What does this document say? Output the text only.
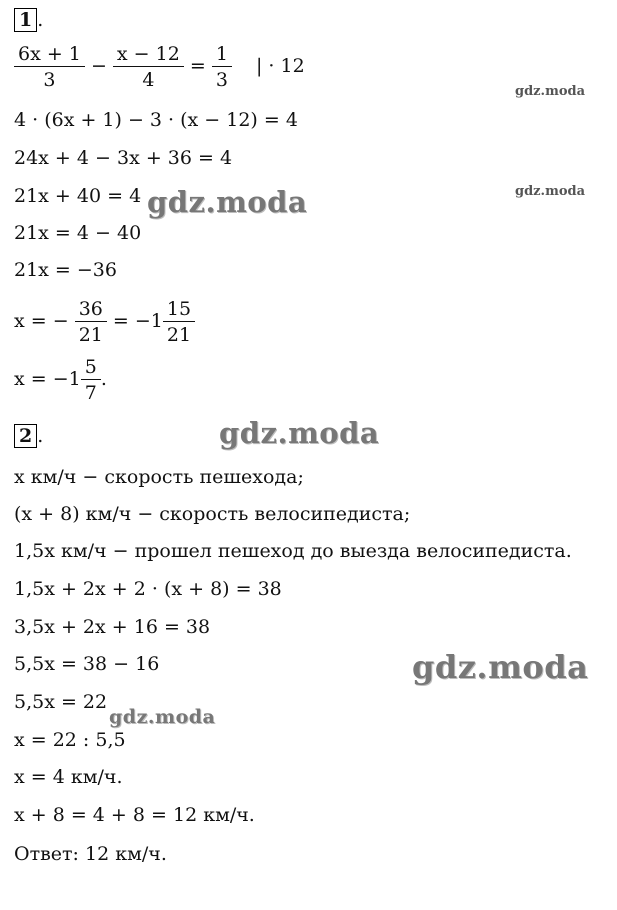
1 .
$\frac{6x + 1}{3} - \frac{x - 12}{4} = \frac{1}{3}$ | · 12
4 · (6x + 1) − 3 · (x − 12) = 4
24x + 4 − 3x + 36 = 4
21x + 40 = 4
21x = 4 − 40
21x = −36
x = − $\frac{36}{21} = -1 \frac{15}{21}$
$x = -1 \frac{5}{7}$ .
2 .
x км/ч − скорость пешехода;
(x + 8) км/ч − скорость велосипедиста;
1,5x км/ч − прошел пешеход до выезда велосипедиста.
1,5x + 2x + 2 · (x + 8) = 38
3,5x + 2x + 16 = 38
5,5x = 38 − 16
5,5x = 22
x = 22 : 5,5
x = 4 км/ч.
x + 8 = 4 + 8 = 12 км/ч.
Ответ: 12 км/ч.
gdz.moda
gdz.moda
gdz.moda
gdz.moda
gdz.moda
gdz.moda
